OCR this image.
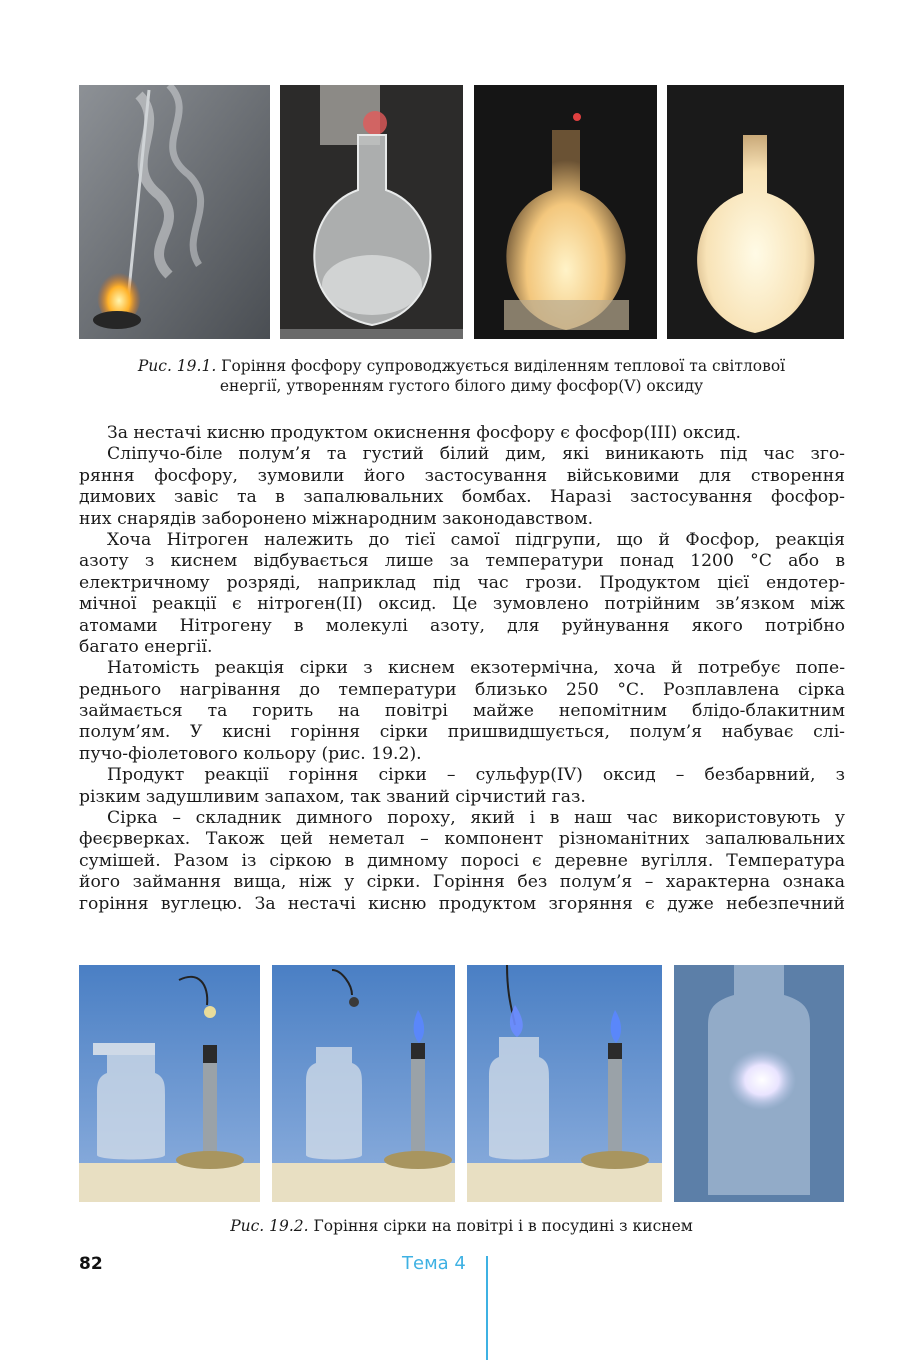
Рис. 19.1. Горіння фосфору супроводжується виділенням теплової та світлової
енергії, утворенням густого білого диму фосфор(V) оксиду
За нестачі кисню продуктом окиснення фосфору є фосфор(III) оксид.
Сліпучо-біле полум’я та густий білий дим, які виникають під час зго-
ряння фосфору, зумовили його застосування військовими для створення
димових завіс та в запалювальних бомбах. Наразі застосування фосфор-
них снарядів заборонено міжнародним законодавством.
Хоча Нітроген належить до тієї самої підгрупи, що й Фосфор, реакція
азоту з киснем відбувається лише за температури понад 1200 °С або в
електричному розряді, наприклад під час грози. Продуктом цієї ендотер-
мічної реакції є нітроген(II) оксид. Це зумовлено потрійним зв’язком між
атомами Нітрогену в молекулі азоту, для руйнування якого потрібно
багато енергії.
Натомість реакція сірки з киснем екзотермічна, хоча й потребує попе-
реднього нагрівання до температури близько 250 °С. Розплавлена сірка
займається та горить на повітрі майже непомітним блідо-блакитним
полум’ям. У кисні горіння сірки пришвидшується, полум’я набуває слі-
пучо-фіолетового кольору (рис. 19.2).
Продукт реакції горіння сірки – сульфур(IV) оксид – безбарвний, з
різким задушливим запахом, так званий сірчистий газ.
Сірка – складник димного пороху, який і в наш час використовують у
феєрверках. Також цей неметал – компонент різноманітних запалювальних
сумішей. Разом із сіркою в димному поросі є деревне вугілля. Температура
його займання вища, ніж у сірки. Горіння без полум’я – характерна ознака
горіння вуглецю. За нестачі кисню продуктом згоряння є дуже небезпечний
Рис. 19.2. Горіння сірки на повітрі і в посудині з киснем
82	Тема 4
